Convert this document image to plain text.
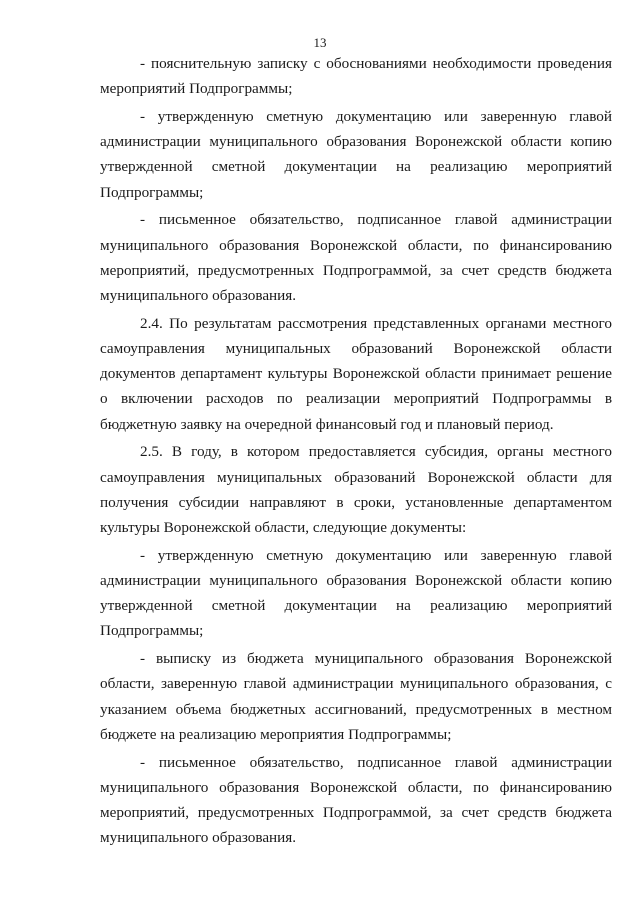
13

- пояснительную записку с обоснованиями необходимости проведения мероприятий Подпрограммы;

- утвержденную сметную документацию или заверенную главой администрации муниципального образования Воронежской области копию утвержденной сметной документации на реализацию мероприятий Подпрограммы;

- письменное обязательство, подписанное главой администрации муниципального образования Воронежской области, по финансированию мероприятий, предусмотренных Подпрограммой, за счет средств бюджета муниципального образования.

2.4. По результатам рассмотрения представленных органами местного самоуправления муниципальных образований Воронежской области документов департамент культуры Воронежской области принимает решение о включении расходов по реализации мероприятий Подпрограммы в бюджетную заявку на очередной финансовый год и плановый период.

2.5. В году, в котором предоставляется субсидия, органы местного самоуправления муниципальных образований Воронежской области для получения субсидии направляют в сроки, установленные департаментом культуры Воронежской области, следующие документы:

- утвержденную сметную документацию или заверенную главой администрации муниципального образования Воронежской области копию утвержденной сметной документации на реализацию мероприятий Подпрограммы;

- выписку из бюджета муниципального образования Воронежской области, заверенную главой администрации муниципального образования, с указанием объема бюджетных ассигнований, предусмотренных в местном бюджете на реализацию мероприятия Подпрограммы;

- письменное обязательство, подписанное главой администрации муниципального образования Воронежской области, по финансированию мероприятий, предусмотренных Подпрограммой, за счет средств бюджета муниципального образования.
